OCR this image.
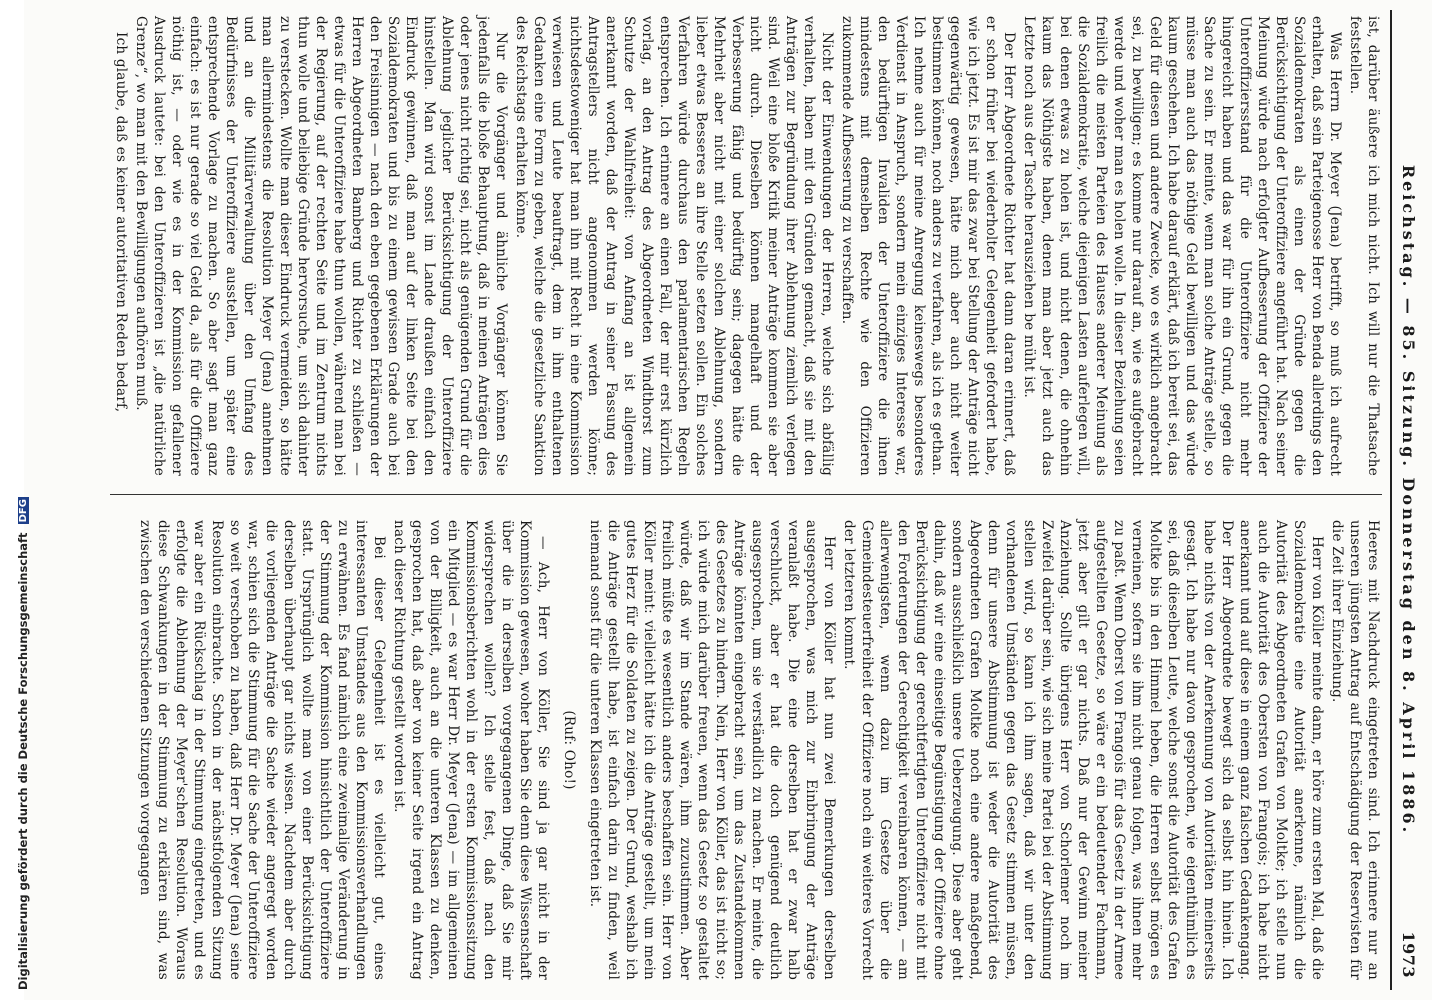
Reichstag. — 85. Sitzung. Donnerstag den 8. April 1886.
1973

ist, darüber äußere ich mich nicht. Ich will nur die Thatsache feststellen.

Was Herrn Dr. Meyer (Jena) betrifft, so muß ich aufrecht erhalten, daß sein Parteigenosse Herr von Benda allerdings den Sozialdemokraten als einen der Gründe gegen die Berücksichtigung der Unteroffiziere angeführt hat. Nach seiner Meinung würde nach erfolgter Aufbesserung der Offiziere der Unteroffiziersstand für die Unteroffiziere nicht mehr hingereicht haben und das war für ihn ein Grund, gegen die Sache zu sein. Er meinte, wenn man solche Anträge stelle, so müsse man auch das nöthige Geld bewilligen und das würde kaum geschehen. Ich habe darauf erklärt, daß ich bereit sei, das Geld für diesen und andere Zwecke, wo es wirklich angebracht sei, zu bewilligen; es komme nur darauf an, wie es aufgebracht werde und woher man es holen wolle. In dieser Beziehung seien freilich die meisten Parteien des Hauses anderer Meinung als die Sozialdemokratie, welche diejenigen Lasten auferlegen will, bei denen etwas zu holen ist, und nicht denen, die ohnehin kaum das Nöthigste haben, denen man aber jetzt auch das Letzte noch aus der Tasche herausziehen be müht ist.

Der Herr Abgeordnete Richter hat dann daran erinnert, daß er schon früher bei wiederholter Gelegenheit gefordert habe, wie ich jetzt. Es ist mir das zwar bei Stellung der Anträge nicht gegenwärtig gewesen, hätte mich aber auch nicht weiter bestimmen können, noch anders zu verfahren, als ich es gethan. Ich nehme auch für meine Anregung keineswegs besonderes Verdienst in Anspruch, sondern mein einziges Interesse war, den bedürftigen Invaliden der Unteroffiziere die ihnen mindestens mit demselben Rechte wie den Offizieren zukommende Aufbesserung zu verschaffen.

Nicht der Einwendungen der Herren, welche sich abfällig verhalten, haben mit den Gründen gemacht, daß sie mit den Anträgen zur Begründung ihrer Ablehnung ziemlich verlegen sind. Weil eine bloße Kritik meiner Anträge kommen sie aber nicht durch. Dieselben können mangelhaft und der Verbesserung fähig und bedürftig sein; dagegen hätte die Mehrheit aber nicht mit einer solchen Ablehnung, sondern lieber etwas Besseres an ihre Stelle setzen sollen. Ein solches Verfahren würde durchaus den parlamentarischen Regeln entsprechen. Ich erinnere an einen Fall, der mir erst kürzlich vorlag, an den Antrag des Abgeordneten Windthorst zum Schutze der Wahlfreiheit: von Anfang an ist allgemein anerkannt worden, daß der Antrag in seiner Fassung des Antragstellers nicht angenommen werden könne; nichtsdestoweniger hat man ihn mit Recht in eine Kommission verwiesen und Leute beauftragt, dem in ihm enthaltenen Gedanken eine Form zu geben, welche die gesetzliche Sanktion des Reichstags erhalten könne.

Nur die Vorgänger und ähnliche Vorgänger können Sie jedenfalls die bloße Behauptung, daß in meinen Anträgen dies oder jenes nicht richtig sei, nicht als genügenden Grund für die Ablehnung jeglicher Berücksichtigung der Unteroffiziere hinstellen. Man wird sonst im Lande draußen einfach den Eindruck gewinnen, daß man auf der linken Seite bei den Sozialdemokraten und bis zu einem gewissen Grade auch bei den Freisinnigen — nach den eben gegebenen Erklärungen der Herren Abgeordneten Bamberg und Richter zu schließen — etwas für die Unteroffiziere habe thun wollen, während man bei der Regierung, auf der rechten Seite und im Zentrum nichts thun wolle und beliebige Gründe hervorsuche, um sich dahinter zu verstecken. Wollte man dieser Eindruck vermeiden, so hätte man allermindestens die Resolution Meyer (Jena) annehmen und an die Militärverwaltung über den Umfang des Bedürfnisses der Unteroffiziere ausstellen, um später eine entsprechende Vorlage zu machen. So aber sagt man ganz einfach: es ist nur gerade so viel Geld da, als für die Offiziere nöthig ist, — oder wie es in der Kommission gefallener Ausdruck lautete: bei den Unteroffizieren ist „die natürliche Grenze“, wo man mit den Bewilligungen aufhören muß.

Ich glaube, daß es keiner autoritativen Reden bedarf,

Heeres mit Nachdruck eingetreten sind. Ich erinnere nur an unseren jüngsten Antrag auf Entschädigung der Reservisten für die Zeit ihrer Einziehung.

Herr von Köller meinte dann, er höre zum ersten Mal, daß die Sozialdemokratie eine Autorität anerkenne, nämlich die Autorität des Abgeordneten Grafen von Moltke; ich stelle nun auch die Autorität des Obersten von Frangois; ich habe nicht anerkannt und auf diese in einem ganz falschen Gedankengang. Der Herr Abgeordnete bewegt sich da selbst hin hinein. Ich habe nichts von der Anerkennung von Autoritäten meinerseits gesagt. Ich habe nur davon gesprochen, wie eigenthümlich es sei, daß dieselben Leute, welche sonst die Autorität des Grafen Moltke bis in den Himmel heben, die Herren selbst mögen es verneinen, sofern sie ihm nicht genau folgen, was ihnen mehr zu paßt. Wenn Oberst von Frangois für das Gesetz in der Armee aufgestellten Gesetze, so wäre er ein bedeutender Fachmann, jetzt aber gilt er gar nichts. Daß nur der Gewinn meiner Anziehung. Sollte übrigens Herr von Schorlemer noch im Zweifel darüber sein, wie sich meine Partei bei der Abstimmung stellen wird, so kann ich ihm sagen, daß wir unter den vorhandenen Umständen gegen das Gesetz stimmen müssen, denn für unsere Abstimmung ist weder die Autorität des Abgeordneten Grafen Moltke noch eine andere maßgebend, sondern ausschließlich unsere Ueberzeugung. Diese aber geht dahin, daß wir eine einseitige Begünstigung der Offiziere ohne Berücksichtigung der gerechtfertigten Unteroffiziere nicht mit den Forderungen der Gerechtigkeit vereinbaren können, — am allerwenigsten, wenn dazu im Gesetze über die Gemeindesteuerfreiheit der Offiziere noch ein weiteres Vorrecht der letzteren kommt.

Herr von Köller hat nun zwei Bemerkungen derselben ausgesprochen, was mich zur Einbringung der Anträge veranlaßt habe. Die eine derselben hat er zwar halb verschluckt, aber er hat die doch genügend deutlich ausgesprochen, um sie verständlich zu machen. Er meinte, die Anträge könnten eingebracht sein, um das Zustandekommen des Gesetzes zu hindern. Nein, Herr von Köller, das ist nicht so; ich würde mich darüber freuen, wenn das Gesetz so gestaltet würde, daß wir im Stande wären, ihm zuzustimmen. Aber freilich müßte es wesentlich anders beschaffen sein. Herr von Köller meint: vielleicht hätte ich die Anträge gestellt, um mein gutes Herz für die Soldaten zu zeigen. Der Grund, weshalb ich die Anträge gestellt habe, ist einfach darin zu finden, weil niemand sonst für die unteren Klassen eingetreten ist.

(Ruf: Oho!)

— Ach, Herr von Köller, Sie sind ja gar nicht in der Kommission gewesen, woher haben Sie denn diese Wissenschaft über die in derselben vorgegangenen Dinge, daß Sie mir widersprechen wollen? Ich stelle fest, daß nach den Kommissionsberichten wohl in der ersten Kommissionssitzung ein Mitglied — es war Herr Dr. Meyer (Jena) — im allgemeinen von der Billigkeit, auch an die unteren Klassen zu denken, gesprochen hat, daß aber von keiner Seite irgend ein Antrag nach dieser Richtung gestellt worden ist.

Bei dieser Gelegenheit ist es vielleicht gut, eines interessanten Umstandes aus den Kommissionsverhandlungen zu erwähnen. Es fand nämlich eine zweimalige Veränderung in der Stimmung der Kommission hinsichtlich der Unteroffiziere statt. Ursprünglich wollte man von einer Berücksichtigung derselben überhaupt gar nichts wissen. Nachdem aber durch die vorliegenden Anträge die Sache wieder angeregt worden war, schien sich die Stimmung für die Sache der Unteroffiziere so weit verschoben zu haben, daß Herr Dr. Meyer (Jena) seine Resolution einbrachte. Schon in der nächstfolgenden Sitzung war aber ein Rückschlag in der Stimmung eingetreten, und es erfolgte die Ablehnung der Meyer'schen Resolution. Woraus diese Schwankungen in der Stimmung zu erklären sind, was zwischen den verschiedenen Sitzungen vorgegangen

Digitalisierung gefördert durch die Deutsche Forschungsgemeinschaft DFG
